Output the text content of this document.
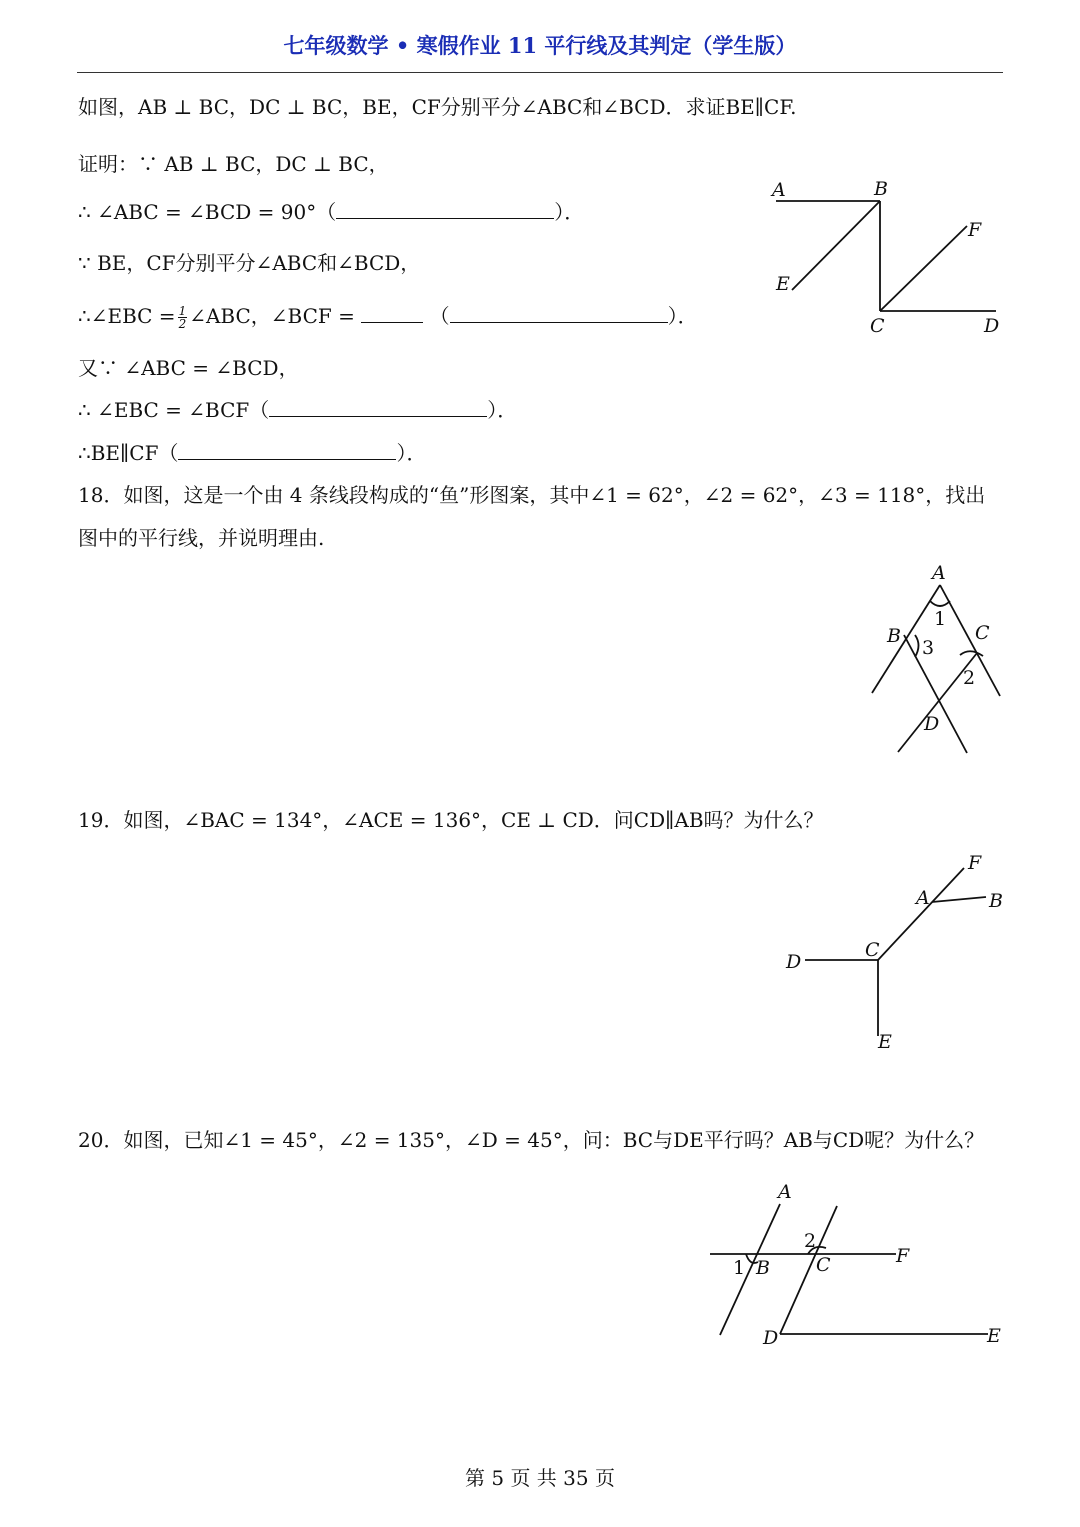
七年级数学 • 寒假作业 11 平行线及其判定（学生版）
如图，AB ⊥ BC，DC ⊥ BC，BE，CF分别平分∠ABC和∠BCD．求证BE∥CF.
证明：∵ AB ⊥ BC，DC ⊥ BC，
∴ ∠ABC = ∠BCD = 90°（	）．
∵ BE，CF分别平分∠ABC和∠BCD，
∴∠EBC = $\frac{1}{2}$ ∠ABC，∠BCF =	（	）．
又∵ ∠ABC = ∠BCD，
∴ ∠EBC = ∠BCF（	）．
∴BE∥CF（	）．
A	B
C	D
E
F
18．如图，这是一个由 4 条线段构成的“鱼”形图案，其中∠1 = 62°，∠2 = 62°，∠3 = 118°，找出
图中的平行线，并说明理由.
A
B	C
D
1
2
3
19．如图，∠BAC = 134°，∠ACE = 136°，CE ⊥ CD．问CD∥AB吗？为什么？
D
C
E
A	B
F
20．如图，已知∠1 = 45°，∠2 = 135°，∠D = 45°，问：BC与DE平行吗？AB与CD呢？为什么？
A
B C
D	E
F
1
2
第 5 页 共 35 页
